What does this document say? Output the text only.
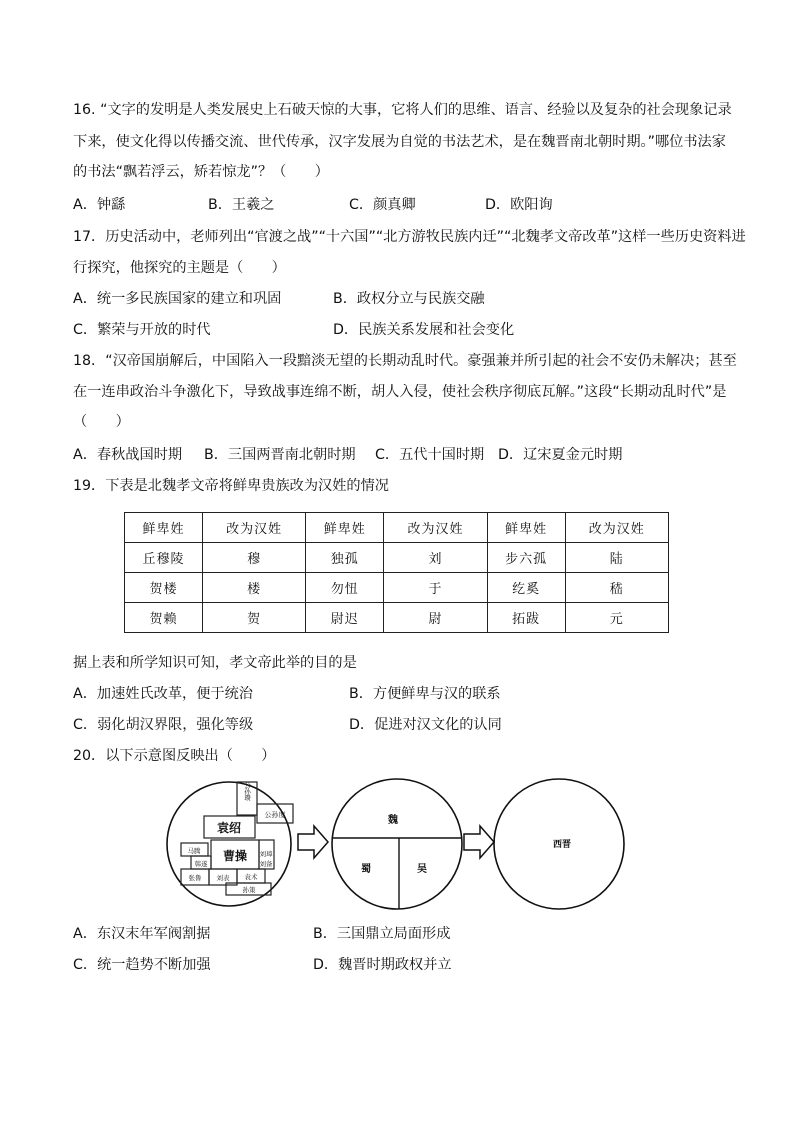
16. “文字的发明是人类发展史上石破天惊的大事，它将人们的思维、语言、经验以及复杂的社会现象记录
下来，使文化得以传播交流、世代传承，汉字发展为自觉的书法艺术，是在魏晋南北朝时期。”哪位书法家
的书法“飘若浮云，矫若惊龙”？（　　）
A．钟繇	B．王羲之	C．颜真卿	D．欧阳询
17．历史活动中，老师列出“官渡之战”“十六国”“北方游牧民族内迁”“北魏孝文帝改革”这样一些历史资料进
行探究，他探究的主题是（　　）
A．统一多民族国家的建立和巩固	B．政权分立与民族交融
C．繁荣与开放的时代	D．民族关系发展和社会变化
18．“汉帝国崩解后，中国陷入一段黯淡无望的长期动乱时代。豪强兼并所引起的社会不安仍未解决；甚至
在一连串政治斗争激化下，导致战事连绵不断，胡人入侵，使社会秩序彻底瓦解。”这段“长期动乱时代”是
（　　）
A．春秋战国时期 B．三国两晋南北朝时期 C．五代十国时期 D．辽宋夏金元时期
19．下表是北魏孝文帝将鲜卑贵族改为汉姓的情况
鲜卑姓	改为汉姓	鲜卑姓	改为汉姓	鲜卑姓	改为汉姓
丘穆陵	穆	独孤	刘	步六孤	陆
贺楼	楼	勿忸	于	纥奚	嵇
贺赖	贺	尉迟	尉	拓跋	元
据上表和所学知识可知，孝文帝此举的目的是
A．加速姓氏改革，便于统治	B．方便鲜卑与汉的联系
C．弱化胡汉界限，强化等级	D．促进对汉文化的认同
20．以下示意图反映出（　　）
公孙瓒
公孙度
马腾
韩遂
张鲁
刘璋
刘表 袁术
孙策
刘备
袁绍
曹操
魏
蜀	吴
西晋
A．东汉末年军阀割据	B．三国鼎立局面形成
C．统一趋势不断加强	D．魏晋时期政权并立
